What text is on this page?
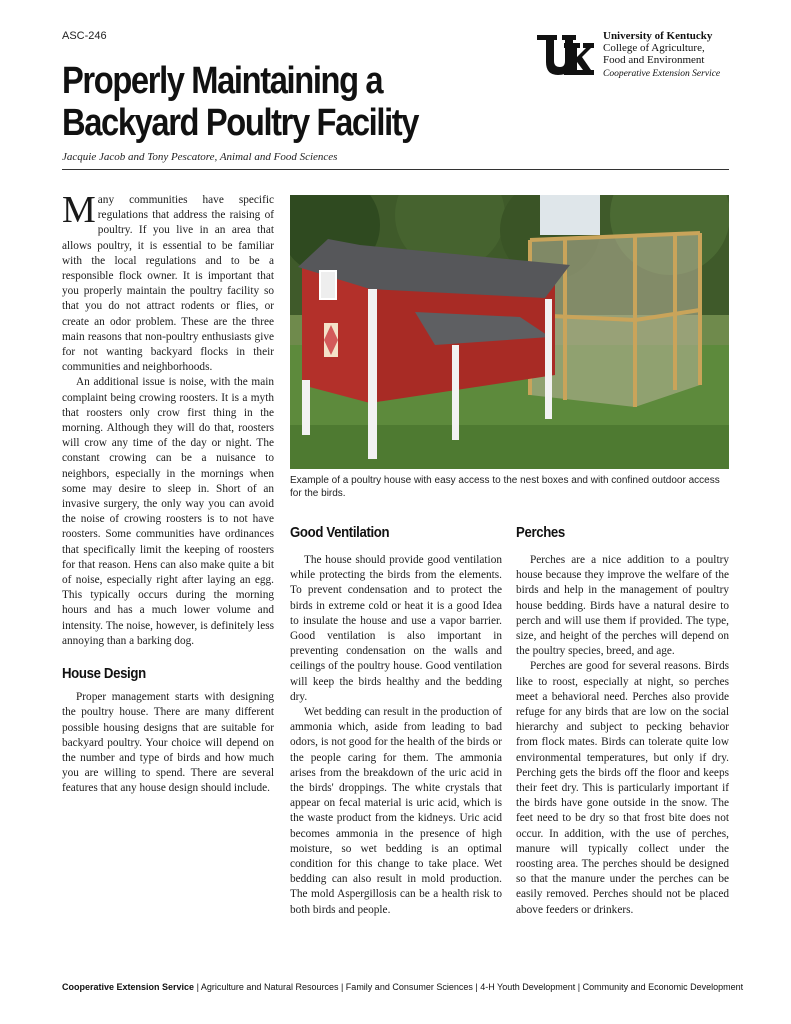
ASC-246
Properly Maintaining a
Backyard Poultry Facility
Jacquie Jacob and Tony Pescatore, Animal and Food Sciences
University of Kentucky
College of Agriculture,
Food and Environment
Cooperative Extension Service

Many communities have specific regulations that address the raising of poultry. If you live in an area that allows poultry, it is essential to be familiar with the local regulations and to be a responsible flock owner. It is important that you properly maintain the poultry facility so that you do not attract rodents or flies, or create an odor problem. These are the three main reasons that non-poultry enthusiasts give for not wanting backyard flocks in their communities and neighborhoods.

An additional issue is noise, with the main complaint being crowing roosters. It is a myth that roosters only crow first thing in the morning. Although they will do that, roosters will crow any time of the day or night. The constant crowing can be a nuisance to neighbors, especially in the mornings when some may desire to sleep in. Short of an invasive surgery, the only way you can avoid the noise of crowing roosters is to not have roosters. Some communities have ordinances that specifically limit the keeping of roosters for that reason. Hens can also make quite a bit of noise, especially right after laying an egg. This typically occurs during the morning hours and has a much lower volume and intensity. The noise, however, is definitely less annoying than a barking dog.

House Design

Proper management starts with designing the poultry house. There are many different possible housing designs that are suitable for backyard poultry. Your choice will depend on the number and type of birds and how much you are willing to spend. There are several features that any house design should include.

Example of a poultry house with easy access to the nest boxes and with confined outdoor access for the birds.
Good Ventilation

The house should provide good ventilation while protecting the birds from the elements. To prevent condensation and to protect the birds in extreme cold or heat it is a good Idea to insulate the house and use a vapor barrier. Good ventilation is also important in preventing condensation on the walls and ceilings of the poultry house. Good ventilation will keep the birds healthy and the bedding dry.

Wet bedding can result in the production of ammonia which, aside from leading to bad odors, is not good for the health of the birds or the people caring for them. The ammonia arises from the breakdown of the uric acid in the birds' droppings. The white crystals that appear on fecal material is uric acid, which is the waste product from the kidneys. Uric acid becomes ammonia in the presence of high moisture, so wet bedding is an optimal condition for this change to take place. Wet bedding can also result in mold production. The mold Aspergillosis can be a health risk to both birds and people.

Perches

Perches are a nice addition to a poultry house because they improve the welfare of the birds and help in the management of poultry house bedding. Birds have a natural desire to perch and will use them if provided. The type, size, and height of the perches will depend on the poultry species, breed, and age.

Perches are good for several reasons. Birds like to roost, especially at night, so perches meet a behavioral need. Perches also provide refuge for any birds that are low on the social hierarchy and subject to pecking behavior from flock mates. Birds can tolerate quite low environmental temperatures, but only if dry. Perching gets the birds off the floor and keeps their feet dry. This is particularly important if the birds have gone outside in the snow. The feet need to be dry so that frost bite does not occur. In addition, with the use of perches, manure will typically collect under the roosting area. The perches should be designed so that the manure under the perches can be easily removed. Perches should not be placed above feeders or drinkers.

Cooperative Extension Service | Agriculture and Natural Resources | Family and Consumer Sciences | 4-H Youth Development | Community and Economic Development
